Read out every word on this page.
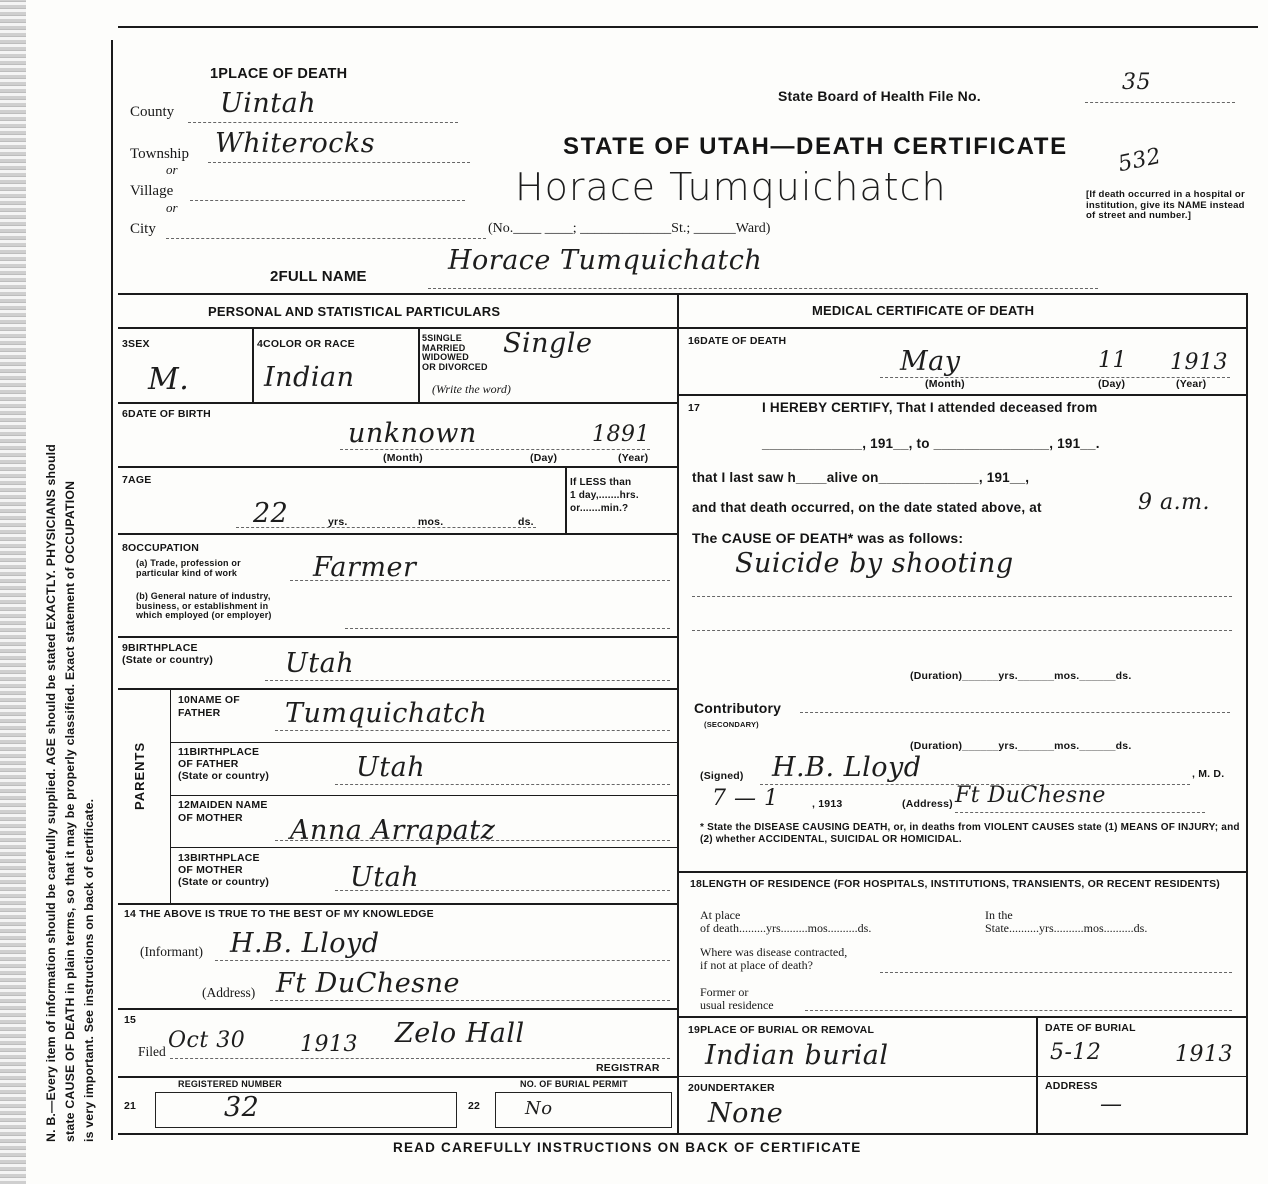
N. B.—Every item of information should be carefully supplied. AGE should be stated EXACTLY. PHYSICIANS should state CAUSE OF DEATH in plain terms, so that it may be properly classified. Exact statement of OCCUPATION is very important. See instructions on back of certificate.
1PLACE OF DEATH
County Uintah
Township Whiterocks
or
Village
or
City	(No.____ ____; _____________St.; ______Ward)
State Board of Health File No.
35
STATE OF UTAH—DEATH CERTIFICATE 532
Horace Tumquichatch	[If death occurred in a hospital or institution, give its NAME instead of street and number.]
2FULL NAME
Horace Tumquichatch
PERSONAL AND STATISTICAL PARTICULARS
3SEX
M.
4COLOR OR RACE
Indian
5SINGLE
MARRIED
WIDOWED
OR DIVORCED
Single
(Write the word)
6DATE OF BIRTH
unknown	1891
(Month)	(Day)	(Year)
7AGE
22	yrs.	mos.	ds.
If LESS than
1 day,.......hrs.
or.......min.?
8OCCUPATION
(a) Trade, profession or
particular kind of work	Farmer
(b) General nature of industry,
business, or establishment in
which employed (or employer)
9BIRTHPLACE
(State or country)	Utah
PARENTS
10NAME OF
FATHER	Tumquichatch
11BIRTHPLACE
OF FATHER
(State or country)	Utah
12MAIDEN NAME
OF MOTHER	Anna Arrapatz
13BIRTHPLACE
OF MOTHER
(State or country)	Utah
14 THE ABOVE IS TRUE TO THE BEST OF MY KNOWLEDGE
(Informant) H.B. Lloyd
(Address) Ft DuChesne
15
Filed Oct 30 1913 Zelo Hall
REGISTRAR
REGISTERED NUMBER
21	32
NO. OF BURIAL PERMIT
22 No
MEDICAL CERTIFICATE OF DEATH
16DATE OF DEATH
May	11 1913
(Month)	(Day)	(Year)
17	I HEREBY CERTIFY, That I attended deceased from
_____________, 191__, to _______________, 191__.
that I last saw h____alive on_____________, 191__,
and that death occurred, on the date stated above, at	9 a.m.
The CAUSE OF DEATH* was as follows:
Suicide by shooting
(Duration)______yrs.______mos.______ds.
Contributory
(SECONDARY)
(Duration)______yrs.______mos.______ds.
(Signed) H.B. Lloyd	, M. D.
7 — 1	, 1913	(Address) Ft DuChesne
* State the DISEASE CAUSING DEATH, or, in deaths from VIOLENT CAUSES state (1) MEANS OF INJURY; and (2) whether ACCIDENTAL, SUICIDAL OR HOMICIDAL.
18LENGTH OF RESIDENCE (FOR HOSPITALS, INSTITUTIONS, TRANSIENTS, OR RECENT RESIDENTS)
At place
of death.........yrs.........mos..........ds.
In the
State..........yrs..........mos..........ds.
Where was disease contracted,
if not at place of death?
Former or
usual residence
19PLACE OF BURIAL OR REMOVAL
Indian burial
DATE OF BURIAL
5-12	1913
20UNDERTAKER
None
ADDRESS
—
READ CAREFULLY INSTRUCTIONS ON BACK OF CERTIFICATE
